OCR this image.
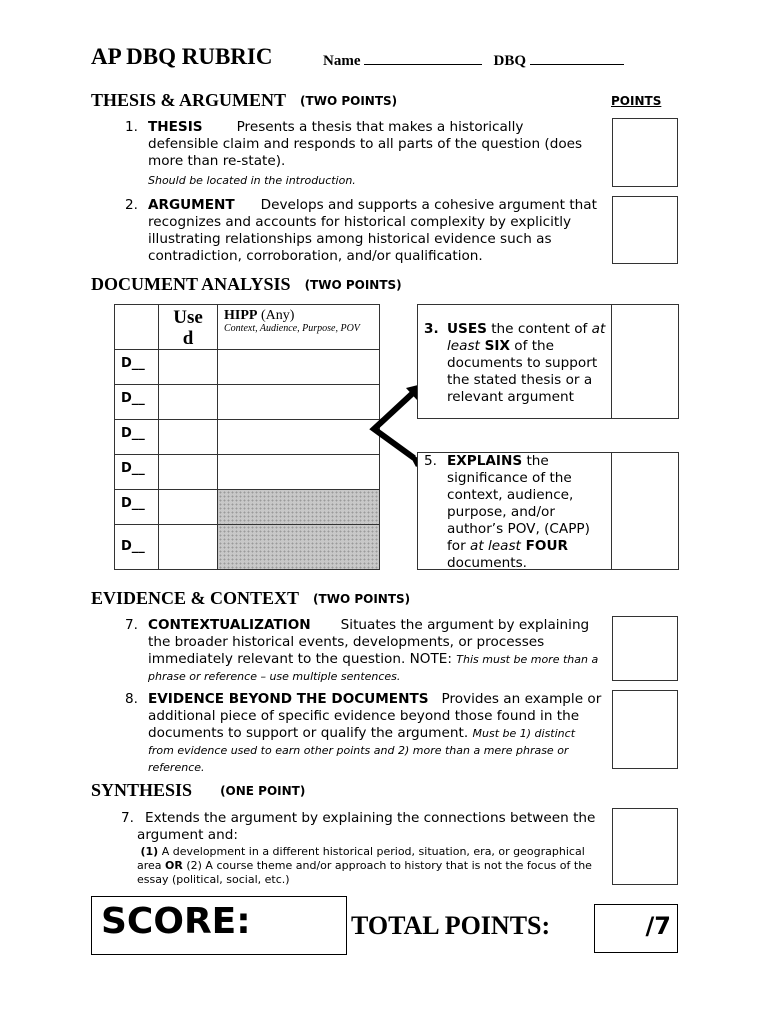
AP DBQ RUBRIC	Name	DBQ
THESIS & ARGUMENT (TWO POINTS)	POINTS
1. THESIS	Presents a thesis that makes a historically defensible claim and responds to all parts of the question (does more than re-state).
Should be located in the introduction.
2. ARGUMENT Develops and supports a cohesive argument that recognizes and accounts for historical complexity by explicitly illustrating relationships among historical evidence such as contradiction, corroboration, and/or qualification.
DOCUMENT ANALYSIS (TWO POINTS)

	Used	HIPP (Any)
Context, Audience, Purpose, POV

D__		
D__		
D__		
D__		
D__		
D__		
3. USES the content of at least SIX of the documents to support the stated thesis or a relevant argument
5. EXPLAINS the significance of the context, audience, purpose, and/or author’s POV, (CAPP) for at least FOUR documents.
EVIDENCE & CONTEXT (TWO POINTS)
7. CONTEXTUALIZATION Situates the argument by explaining the broader historical events, developments, or processes immediately relevant to the question. NOTE: This must be more than a phrase or reference – use multiple sentences.
8. EVIDENCE BEYOND THE DOCUMENTS Provides an example or additional piece of specific evidence beyond those found in the documents to support or qualify the argument. Must be 1) distinct from evidence used to earn other points and 2) more than a mere phrase or reference.
SYNTHESIS (ONE POINT)
7. Extends the argument by explaining the connections between the argument and:
(1) A development in a different historical period, situation, era, or geographical area OR (2) A course theme and/or approach to history that is not the focus of the essay (political, social, etc.)
SCORE:	TOTAL POINTS:	/7
